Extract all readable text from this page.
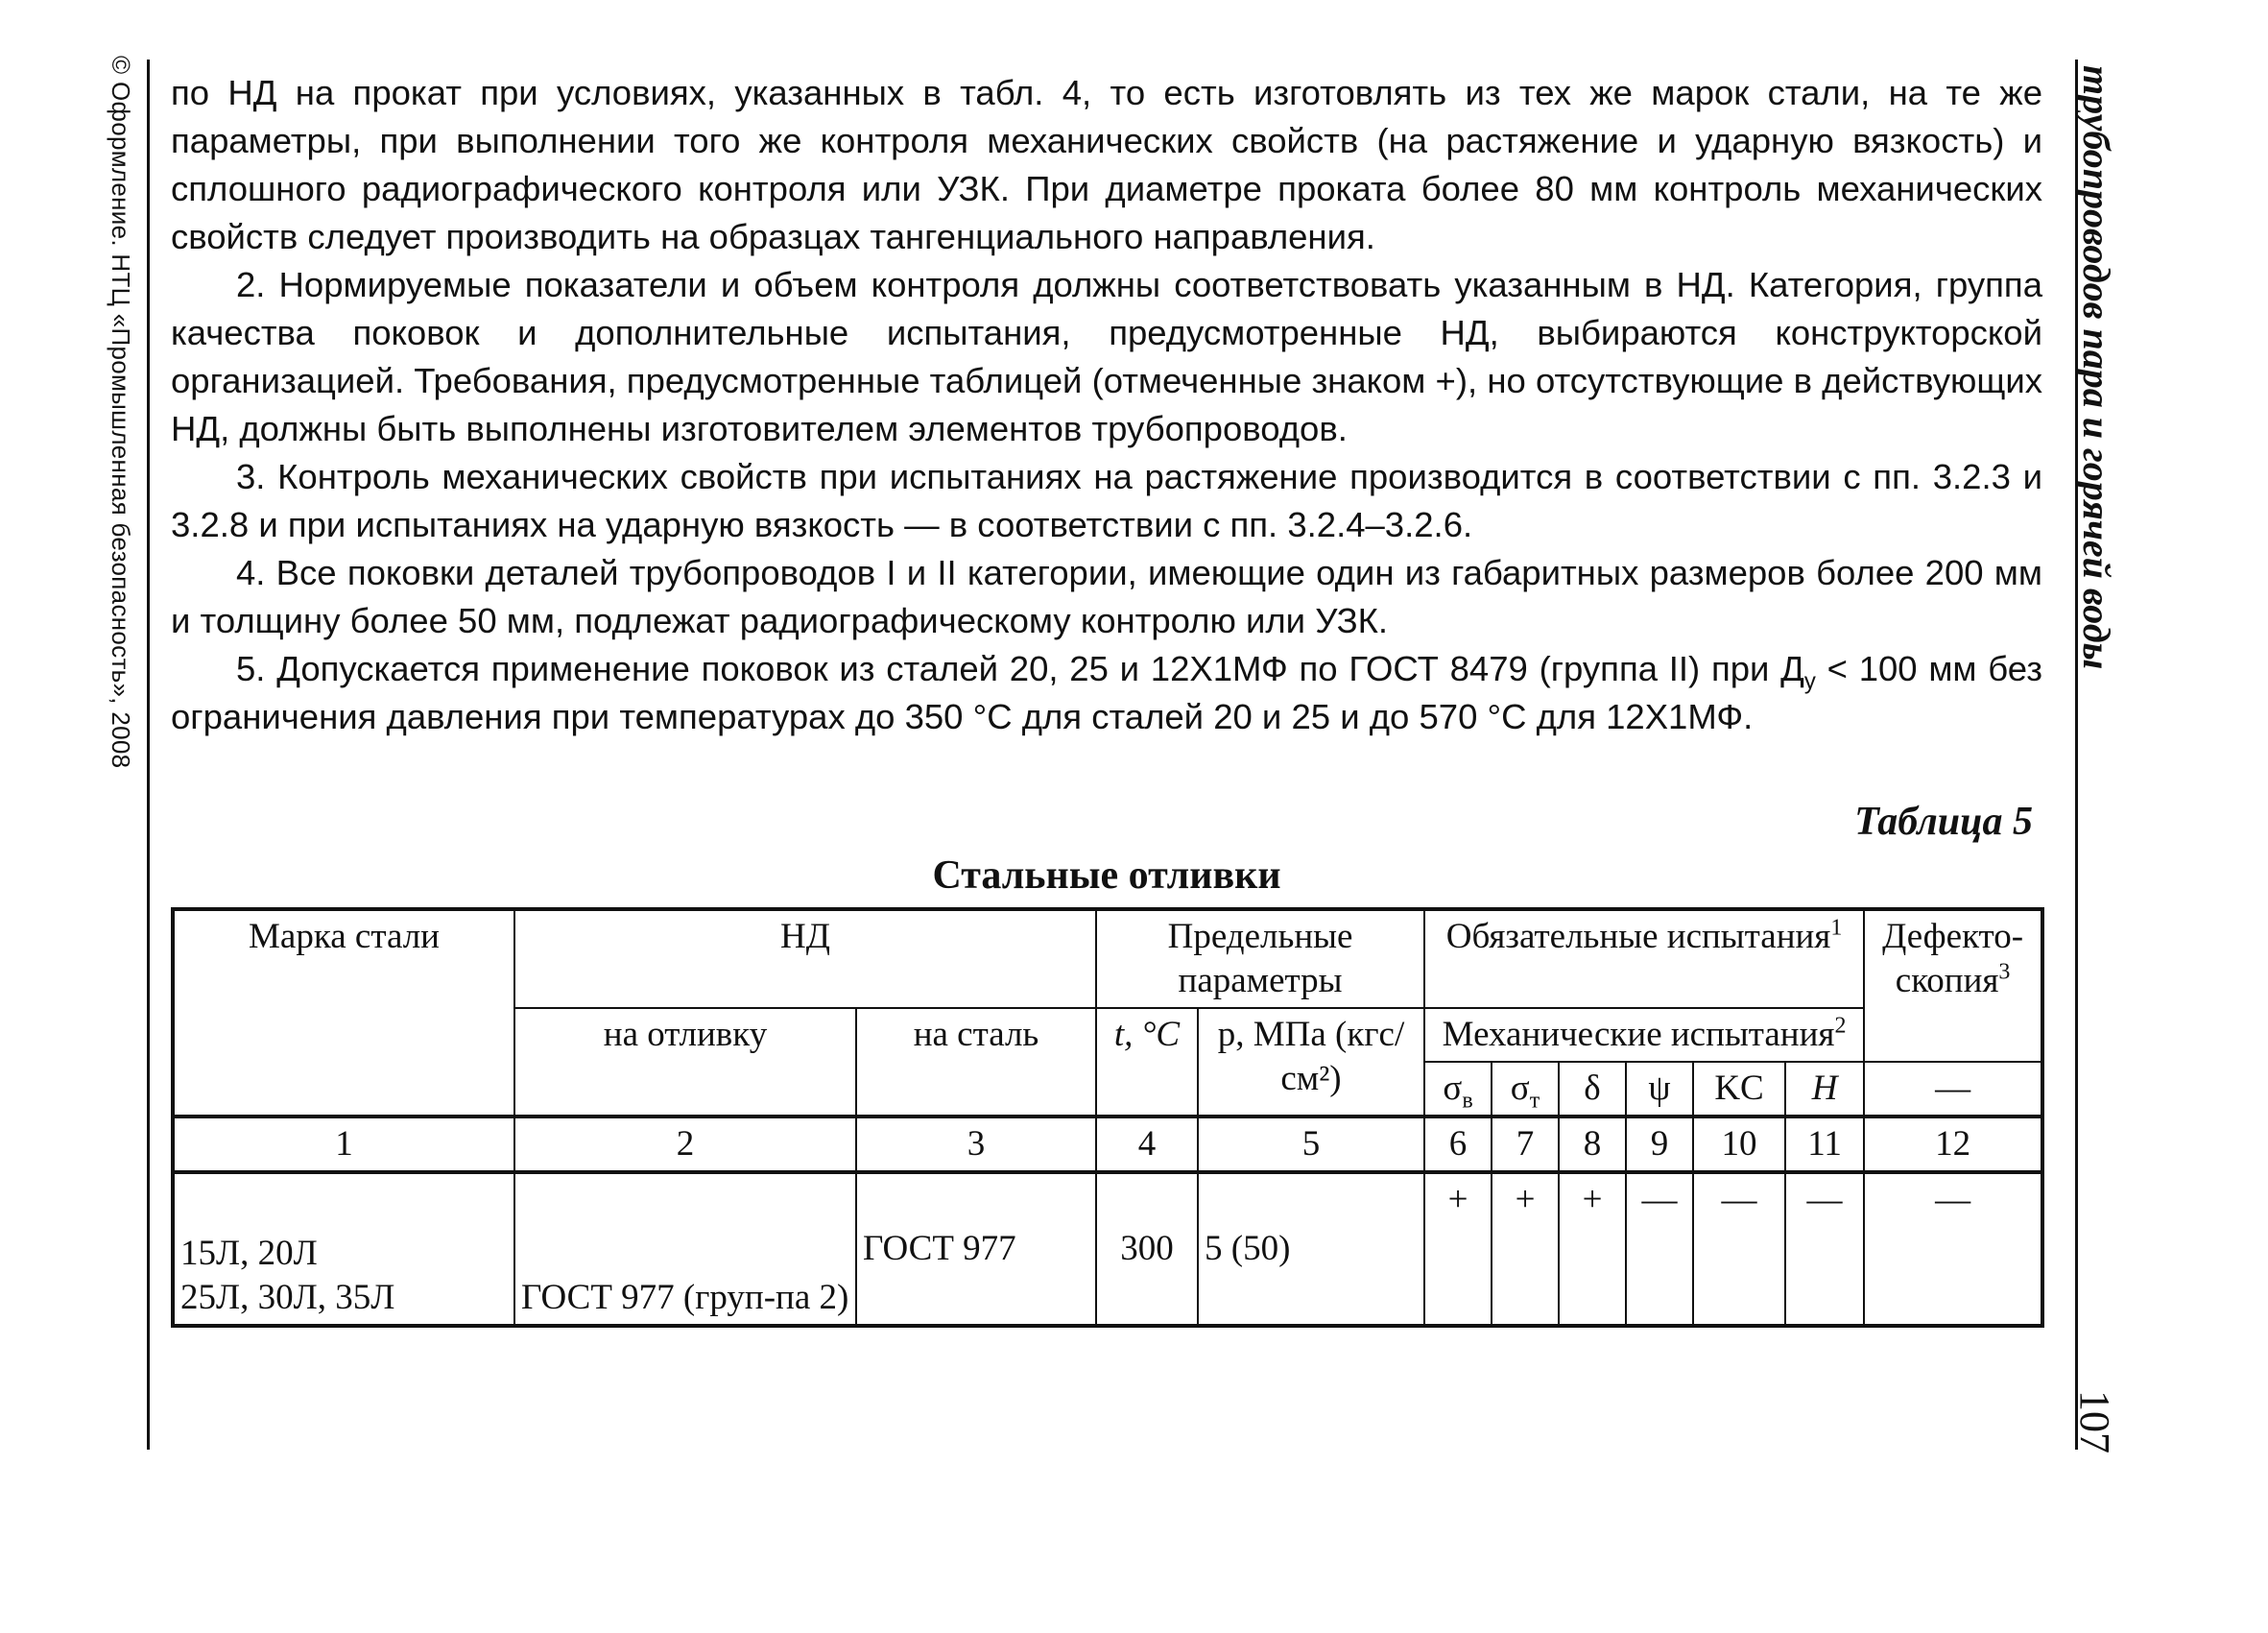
© Оформление. НТЦ «Промышленная безопасность», 2008	трубопроводов пара и горячей воды
107

по НД на прокат при условиях, указанных в табл. 4, то есть изготовлять из тех же марок стали, на те же параметры, при выполнении того же контроля механических свойств (на растяжение и ударную вязкость) и сплошного радиографического контроля или УЗК. При диаметре проката более 80 мм контроль механических свойств следует производить на образцах тангенциального направления.

2. Нормируемые показатели и объем контроля должны соответствовать указанным в НД. Категория, группа качества поковок и дополнительные испытания, предусмотренные НД, выбираются конструкторской организацией. Требования, предусмотренные таблицей (отмеченные знаком +), но отсутствующие в действующих НД, должны быть выполнены изготовителем элементов трубопроводов.

3. Контроль механических свойств при испытаниях на растяжение производится в соответствии с пп. 3.2.3 и 3.2.8 и при испытаниях на ударную вязкость — в соответствии с пп. 3.2.4–3.2.6.

4. Все поковки деталей трубопроводов I и II категории, имеющие один из габаритных размеров более 200 мм и толщину более 50 мм, подлежат радиографическому контролю или УЗК.

5. Допускается применение поковок из сталей 20, 25 и 12Х1МФ по ГОСТ 8479 (группа II) при $Д_у < 100$ мм без ограничения давления при температурах до 350 °С для сталей 20 и 25 и до 570 °С для 12Х1МФ.

Таблица 5
Стальные отливки
Марка стали	НД		Предельные параметры		Обязательные испытания$^1$						Дефекто-скопия$^3$
	на отливку	на сталь	t, °С	p, МПа (кгс/см²)	Механические испытания$^2$
					$\sigma_в$	$\sigma_т$	δ	ψ	KC	H	—
1	2	3	4	5	6	7	8	9	10	11	12

15Л, 20Л
25Л, 30Л, 35Л	ГОСТ 977 (груп-па 2)	ГОСТ 977	300	5 (50)	+	+	+	—	—	—	—
